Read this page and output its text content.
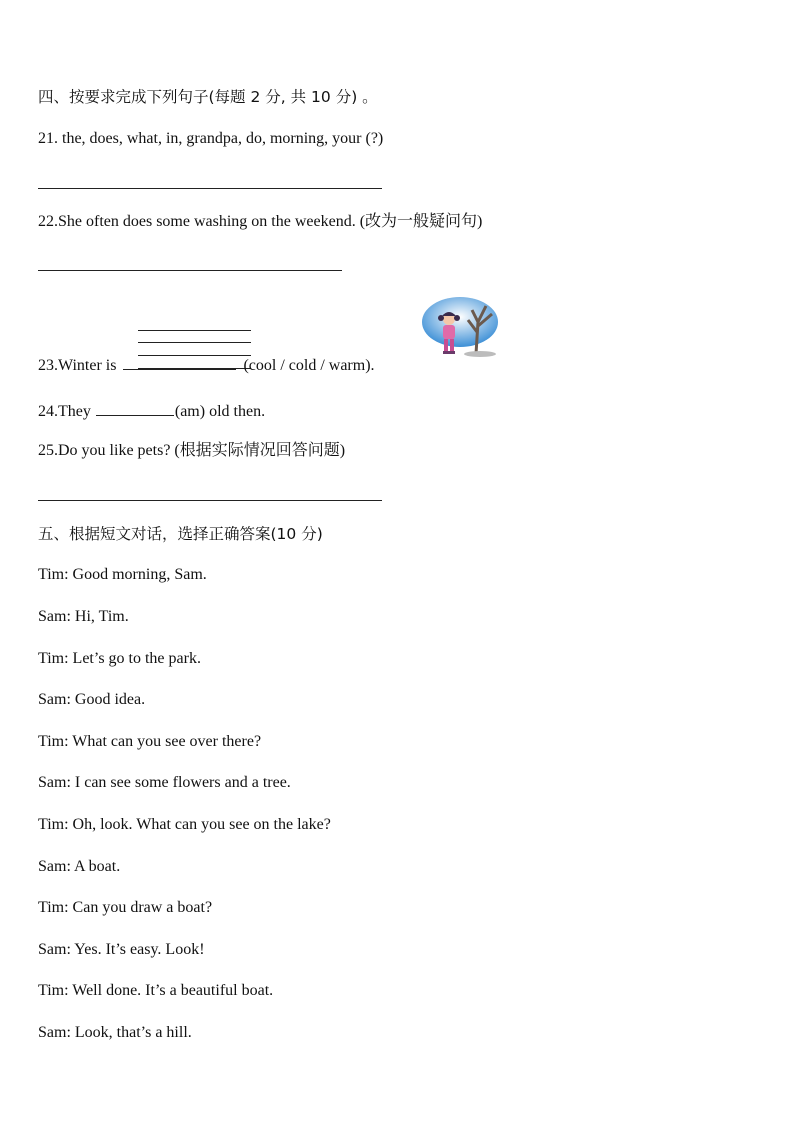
四、按要求完成下列句子(每题 2 分, 共 10 分) 。
21. the, does, what, in, grandpa, do, morning, your (?)
22.She often does some washing on the weekend. (改为一般疑问句)
23.Winter is	(cool / cold / warm).
24.They	(am) old then.
25.Do you like pets? (根据实际情况回答问题)
五、根据短文对话，选择正确答案(10 分)
Tim: Good morning, Sam.
Sam: Hi, Tim.
Tim: Let’s go to the park.
Sam: Good idea.
Tim: What can you see over there?
Sam: I can see some flowers and a tree.
Tim: Oh, look. What can you see on the lake?
Sam: A boat.
Tim: Can you draw a boat?
Sam: Yes. It’s easy. Look!
Tim: Well done. It’s a beautiful boat.
Sam: Look, that’s a hill.
